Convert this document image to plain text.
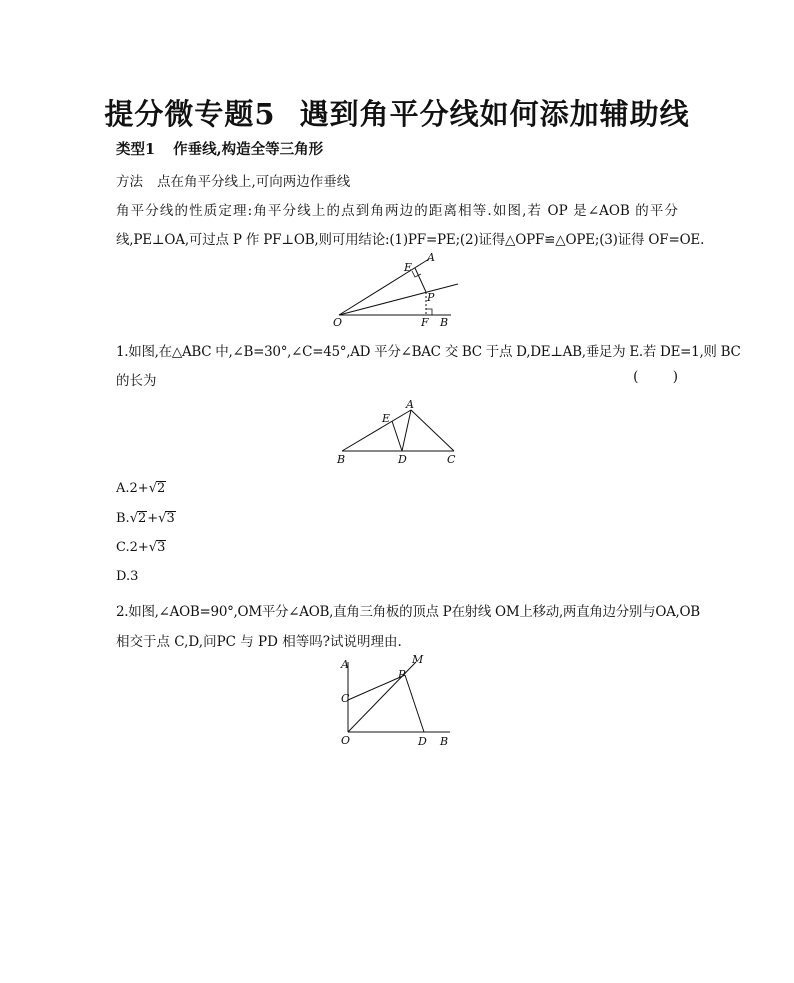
提分微专题5 遇到角平分线如何添加辅助线
类型1 作垂线,构造全等三角形
方法 点在角平分线上,可向两边作垂线
角平分线的性质定理:角平分线上的点到角两边的距离相等.如图,若 OP 是∠AOB 的平分
线,PE⊥OA,可过点 P 作 PF⊥OB,则可用结论:(1)PF=PE;(2)证得△OPF≌△OPE;(3)证得 OF=OE.
E
A
P
O	F B
1.如图,在△ABC 中,∠B=30°,∠C=45°,AD 平分∠BAC 交 BC 于点 D,DE⊥AB,垂足为 E.若 DE=1,则 BC
的长为	(        )
E
A
B	D	C
A.2+√2
B.√2+√3
C.2+√3
D.3
2.如图,∠AOB=90°,OM平分∠AOB,直角三角板的顶点 P在射线 OM上移动,两直角边分别与OA,OB
相交于点 C,D,问PC 与 PD 相等吗?试说明理由.
A	M
P
C
O	D B
